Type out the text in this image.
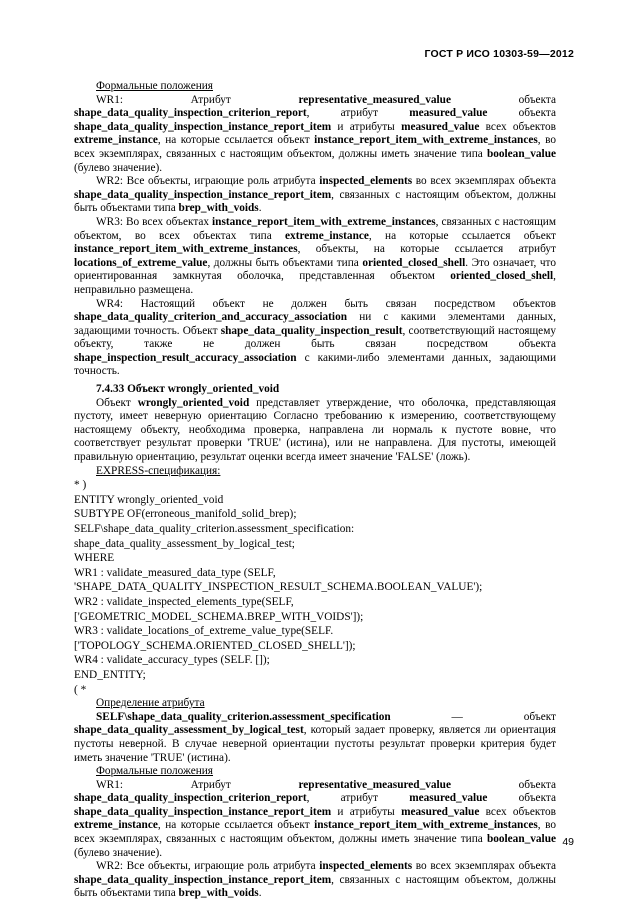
ГОСТ Р ИСО 10303-59—2012

Формальные положения

WR1: Атрибут representative_measured_value объекта shape_data_quality_inspection_criterion_report, атрибут measured_value объекта shape_data_quality_inspection_instance_report_item и атрибуты measured_value всех объектов extreme_instance, на которые ссылается объект instance_report_item_with_extreme_instances, во всех экземплярах, связанных с настоящим объектом, должны иметь значение типа boolean_value (булево значение).

WR2: Все объекты, играющие роль атрибута inspected_elements во всех экземплярах объекта shape_data_quality_inspection_instance_report_item, связанных с настоящим объектом, должны быть объектами типа brep_with_voids.

WR3: Во всех объектах instance_report_item_with_extreme_instances, связанных с настоящим объектом, во всех объектах типа extreme_instance, на которые ссылается объект instance_report_item_with_extreme_instances, объекты, на которые ссылается атрибут locations_of_extreme_value, должны быть объектами типа oriented_closed_shell. Это означает, что ориентированная замкнутая оболочка, представленная объектом oriented_closed_shell, неправильно размещена.

WR4: Настоящий объект не должен быть связан посредством объектов shape_data_quality_criterion_and_accuracy_association ни с какими элементами данных, задающими точность. Объект shape_data_quality_inspection_result, соответствующий настоящему объекту, также не должен быть связан посредством объекта shape_inspection_result_accuracy_association с какими-либо элементами данных, задающими точность.

7.4.33 Объект wrongly_oriented_void

Объект wrongly_oriented_void представляет утверждение, что оболочка, представляющая пустоту, имеет неверную ориентацию Согласно требованию к измерению, соответствующему настоящему объекту, необходима проверка, направлена ли нормаль к пустоте вовне, что соответствует результат проверки 'TRUE' (истина), или не направлена. Для пустоты, имеющей правильную ориентацию, результат оценки всегда имеет значение 'FALSE' (ложь).

EXPRESS-спецификация:

* )

ENTITY wrongly_oriented_void

SUBTYPE OF(erroneous_manifold_solid_brep);

SELF\shape_data_quality_criterion.assessment_specification:

shape_data_quality_assessment_by_logical_test;

WHERE

WR1 : validate_measured_data_type (SELF,

'SHAPE_DATA_QUALITY_INSPECTION_RESULT_SCHEMA.BOOLEAN_VALUE');

WR2 : validate_inspected_elements_type(SELF,

['GEOMETRIC_MODEL_SCHEMA.BREP_WITH_VOIDS']);

WR3 : validate_locations_of_extreme_value_type(SELF.

['TOPOLOGY_SCHEMA.ORIENTED_CLOSED_SHELL']);

WR4 : validate_accuracy_types (SELF. []);

END_ENTITY;

( *

Определение атрибута

SELF\shape_data_quality_criterion.assessment_specification — объект shape_data_quality_assessment_by_logical_test, который задает проверку, является ли ориентация пустоты неверной. В случае неверной ориентации пустоты результат проверки критерия будет иметь значение 'TRUE' (истина).

Формальные положения

WR1: Атрибут representative_measured_value объекта shape_data_quality_inspection_criterion_report, атрибут measured_value объекта shape_data_quality_inspection_instance_report_item и атрибуты measured_value всех объектов extreme_instance, на которые ссылается объект instance_report_item_with_extreme_instances, во всех экземплярах, связанных с настоящим объектом, должны иметь значение типа boolean_value (булево значение).

WR2: Все объекты, играющие роль атрибута inspected_elements во всех экземплярах объекта shape_data_quality_inspection_instance_report_item, связанных с настоящим объектом, должны быть объектами типа brep_with_voids.

49
